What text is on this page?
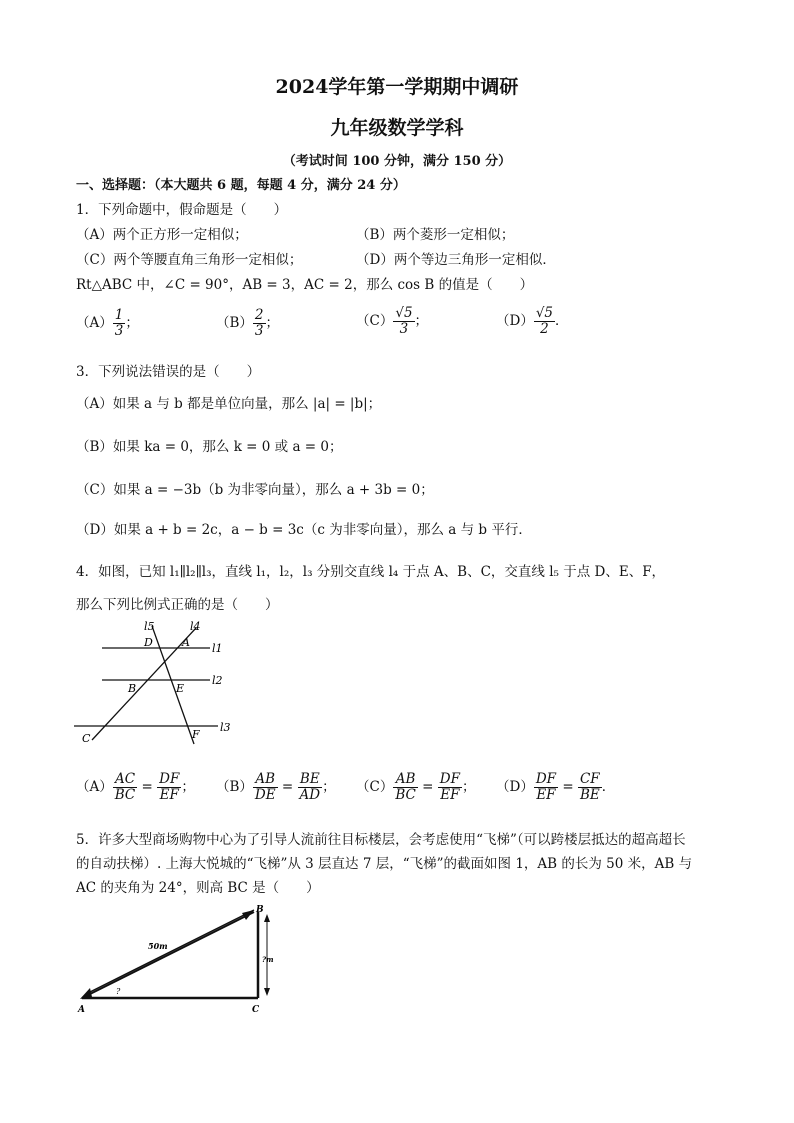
2024学年第一学期期中调研
九年级数学学科
（考试时间 100 分钟，满分 150 分）
一、选择题：（本大题共 6 题，每题 4 分，满分 24 分）
1．下列命题中，假命题是（　　）
（A）两个正方形一定相似；	（B）两个菱形一定相似；
（C）两个等腰直角三角形一定相似；	（D）两个等边三角形一定相似．
Rt△ABC 中，∠C = 90°，AB = 3，AC = 2，那么 cos B 的值是（　　）
$(A) \frac{1}{3}$ ；	$(B) \frac{2}{3}$ ；	$(C) \frac{√5}{3}$ ；	$(D) \frac{√5}{2}$ ．
3．下列说法错误的是（　　）
（A）如果 a 与 b 都是单位向量，那么 |a| = |b|；
（B）如果 ka = 0，那么 k = 0 或 a = 0；
（C）如果 a = −3b（b 为非零向量），那么 a + 3b = 0；
（D）如果 a + b = 2c，a − b = 3c（c 为非零向量），那么 a 与 b 平行．
4．如图，已知 l₁∥l₂∥l₃，直线 l₁，l₂，l₃ 分别交直线 l₄ 于点 A、B、C，交直线 l₅ 于点 D、E、F，
那么下列比例式正确的是（　　）
l5	l4
l1
l2
l3
D	A
B	E
C	F
$(A) \frac{AC}{BC} = \frac{DF}{EF}$ ； $(B) \frac{AB}{DE} = \frac{BE}{AD}$ ； $(C) \frac{AB}{BC} = \frac{DF}{EF}$ ； $(D) \frac{DF}{EF} = \frac{CF}{BE}$ ．
5．许多大型商场购物中心为了引导人流前往目标楼层，会考虑使用“飞梯”（可以跨楼层抵达的超高超长
的自动扶梯）. 上海大悦城的“飞梯”从 3 层直达 7 层，“飞梯”的截面如图 1，AB 的长为 50 米，AB 与
AC 的夹角为 24°，则高 BC 是（　　）
B
A	C
50m
?m
?
